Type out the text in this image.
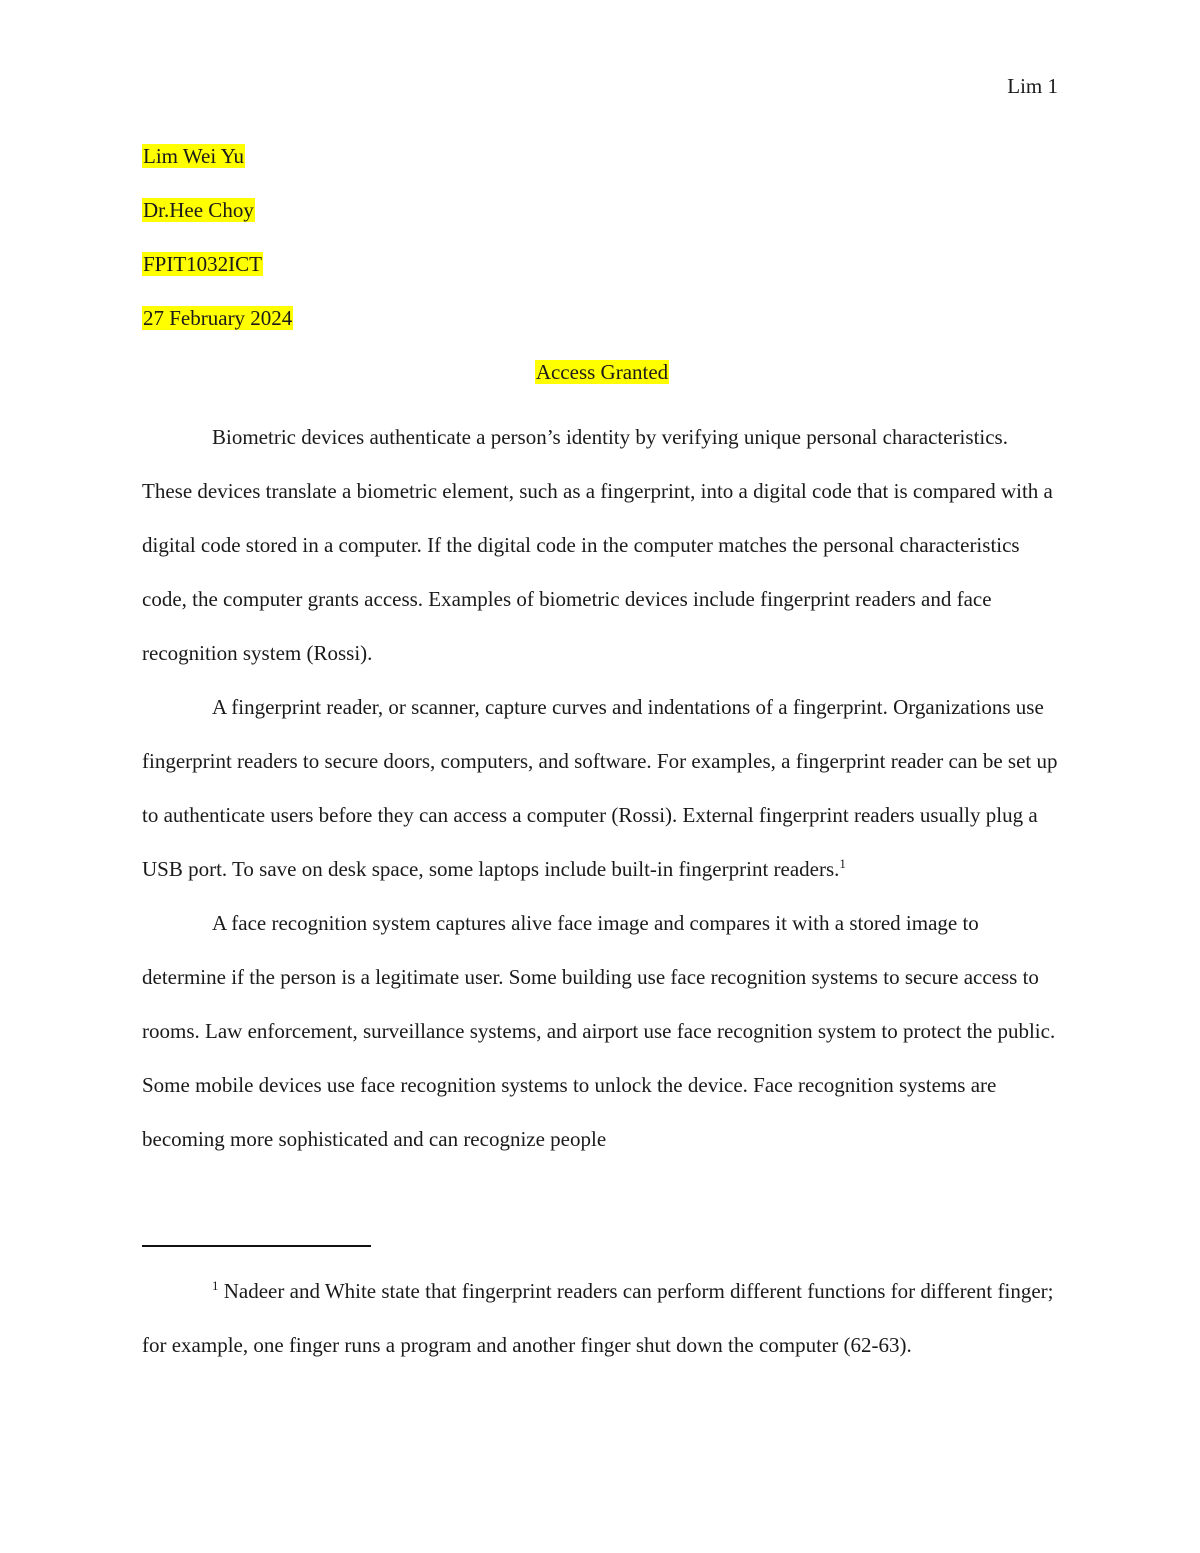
Lim 1
Lim Wei Yu
Dr.Hee Choy
FPIT1032ICT
27 February 2024
Access Granted

Biometric devices authenticate a person’s identity by verifying unique personal characteristics. These devices translate a biometric element, such as a fingerprint, into a digital code that is compared with a digital code stored in a computer. If the digital code in the computer matches the personal characteristics code, the computer grants access. Examples of biometric devices include fingerprint readers and face recognition system (Rossi).

A fingerprint reader, or scanner, capture curves and indentations of a fingerprint. Organizations use fingerprint readers to secure doors, computers, and software. For examples, a fingerprint reader can be set up to authenticate users before they can access a computer (Rossi). External fingerprint readers usually plug a USB port. To save on desk space, some laptops include built-in fingerprint readers.$^1$

A face recognition system captures alive face image and compares it with a stored image to determine if the person is a legitimate user. Some building use face recognition systems to secure access to rooms. Law enforcement, surveillance systems, and airport use face recognition system to protect the public. Some mobile devices use face recognition systems to unlock the device. Face recognition systems are becoming more sophisticated and can recognize people

$^1$ Nadeer and White state that fingerprint readers can perform different functions for different finger; for example, one finger runs a program and another finger shut down the computer (62-63).
